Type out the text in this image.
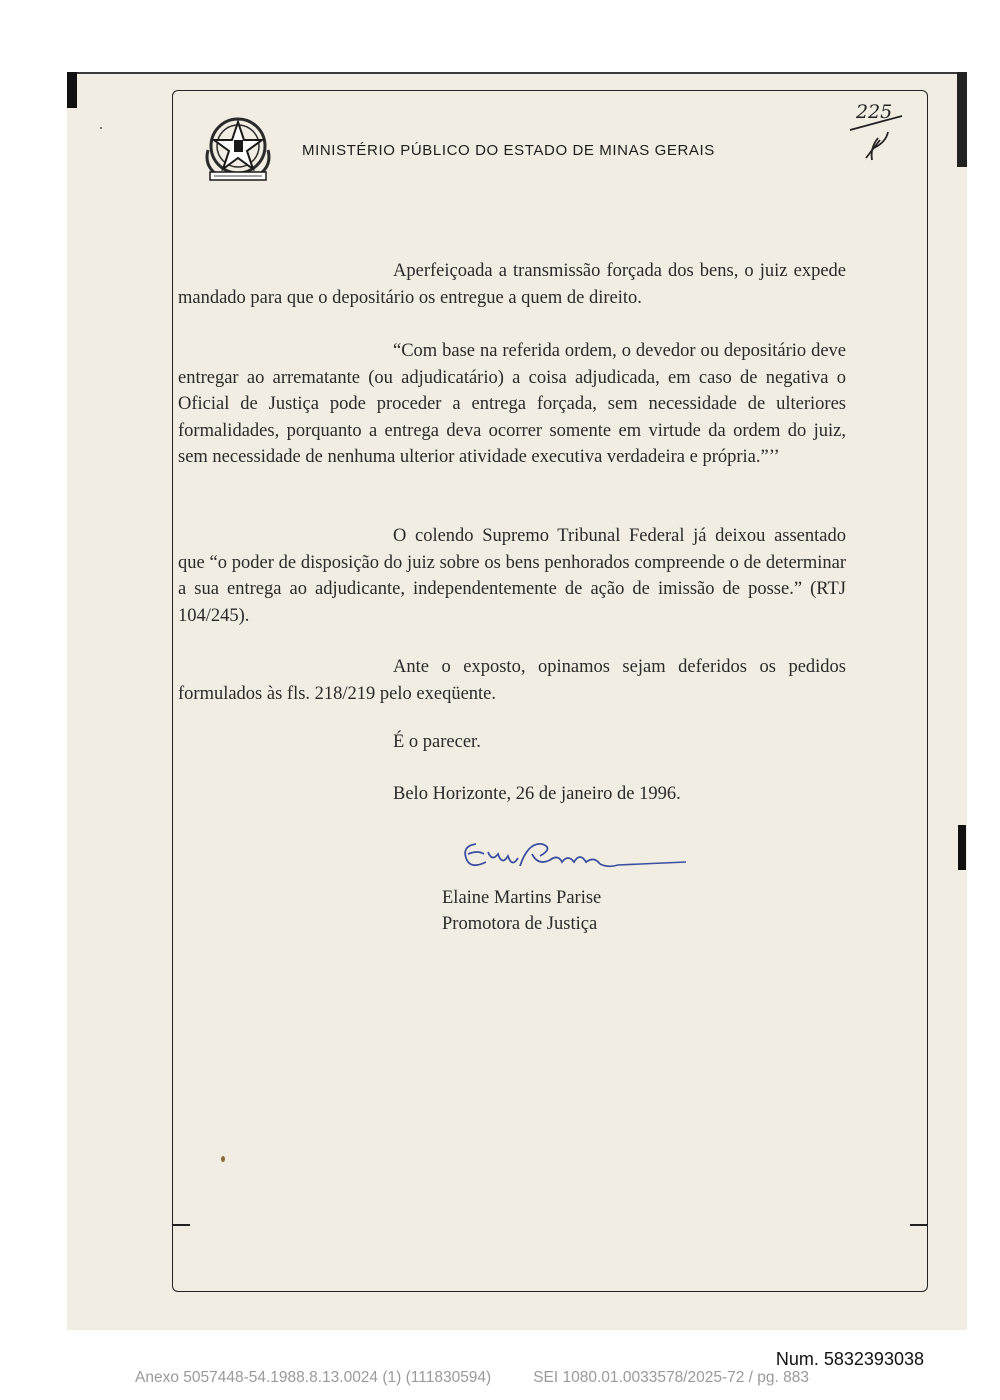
MINISTÉRIO PÚBLICO DO ESTADO DE MINAS GERAIS
225

Aperfeiçoada a transmissão forçada dos bens, o juiz expede mandado para que o depositário os entregue a quem de direito.

“Com base na referida ordem, o devedor ou depositário deve entregar ao arrematante (ou adjudicatário) a coisa adjudicada, em caso de negativa o Oficial de Justiça pode proceder a entrega forçada, sem necessidade de ulteriores formalidades, porquanto a entrega deva ocorrer somente em virtude da ordem do juiz, sem necessidade de nenhuma ulterior atividade executiva verdadeira e própria.”’’

O colendo Supremo Tribunal Federal já deixou assentado que “o poder de disposição do juiz sobre os bens penhorados compreende o de determinar a sua entrega ao adjudicante, independentemente de ação de imissão de posse.” (RTJ 104/245).

Ante o exposto, opinamos sejam deferidos os pedidos formulados às fls. 218/219 pelo exeqüente.

É o parecer.
Belo Horizonte, 26 de janeiro de 1996.
Elaine Martins Parise
Promotora de Justiça
Num. 5832393038
Anexo 5057448-54.1988.8.13.0024 (1) (111830594)	SEI 1080.01.0033578/2025-72 / pg. 883
